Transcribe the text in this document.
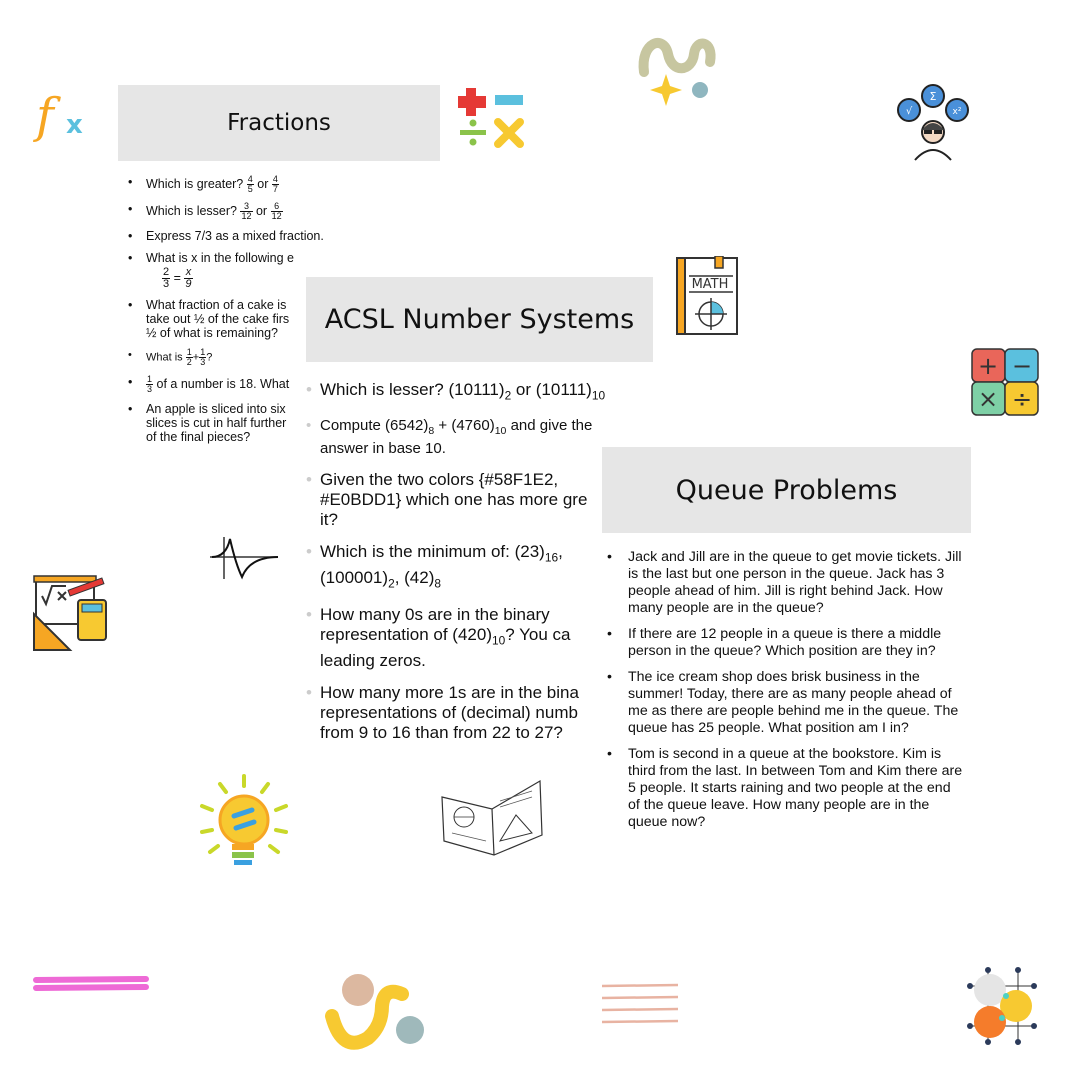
Fractions
• Which is greater? $\frac{4}{5}$ or $\frac{4}{7}$
• Which is lesser? $\frac{3}{12}$ or $\frac{6}{12}$
• Express 7/3 as a mixed fraction.
• What is x in the following e

$\frac{2}{3} = \frac{x}{9}$
• What fraction of a cake is
take out ½ of the cake firs
½ of what is remaining?
• What is $\frac{1}{2} + \frac{1}{3}$ ?
• $\frac{1}{3}$ of a number is 18. What
• An apple is sliced into six
slices is cut in half further
of the final pieces?
ACSL Number Systems
• Which is lesser? $(10111)_2$ or $(10111)_{10}$
• Compute $(6542)_8 + (4760)_{10}$ and give the
answer in base 10.
• Given the two colors {#58F1E2,
#E0BDD1} which one has more gre
it?
• Which is the minimum of: $(23)_{16}$,
$(100001)_2$, $(42)_8$
• How many 0s are in the binary
representation of $(420)_{10}$? You ca
leading zeros.
• How many more 1s are in the bina
representations of (decimal) numb
from 9 to 16 than from 22 to 27?
Queue Problems
• Jack and Jill are in the queue to get movie tickets. Jill is the last but one person in the queue. Jack has 3 people ahead of him. Jill is right behind Jack. How many people are in the queue?
• If there are 12 people in a queue is there a middle person in the queue? Which position are they in?
• The ice cream shop does brisk business in the summer! Today, there are as many people ahead of me as there are people behind me in the queue. The queue has 25 people. What position am I in?
• Tom is second in a queue at the bookstore. Kim is third from the last. In between Tom and Kim there are 5 people. It starts raining and two people at the end of the queue leave. How many people are in the queue now?
f x	√
Σ
x²
MATH
+ −
× ÷
